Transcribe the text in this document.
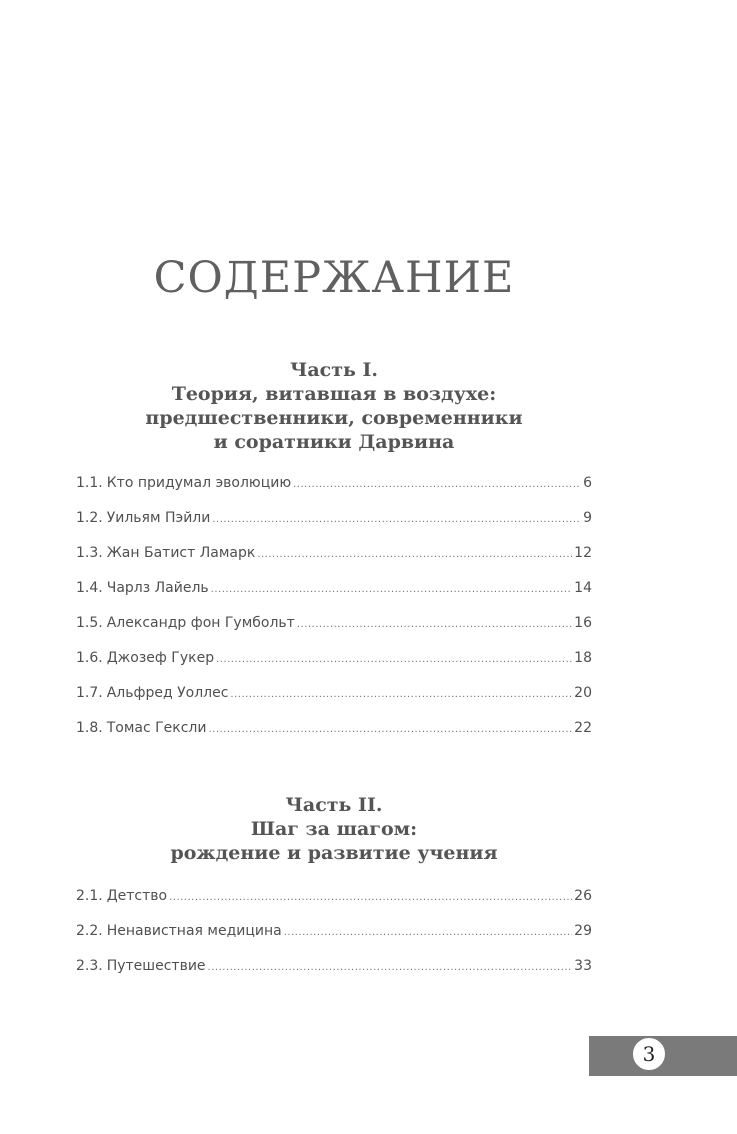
СОДЕРЖАНИЕ
Часть I.
Теория, витавшая в воздухе:
предшественники, современники
и соратники Дарвина
1.1. Кто придумал эволюцию .....	6
1.2. Уильям Пэйли .....	9
1.3. Жан Батист Ламарк .....	12
1.4. Чарлз Лайель .....	14
1.5. Александр фон Гумбольт .....	16
1.6. Джозеф Гукер .....	18
1.7. Альфред Уоллес .....	20
1.8. Томас Гексли .....	22
Часть II.
Шаг за шагом:
рождение и развитие учения
2.1. Детство .....	26
2.2. Ненавистная медицина .....	29
2.3. Путешествие .....	33
3
